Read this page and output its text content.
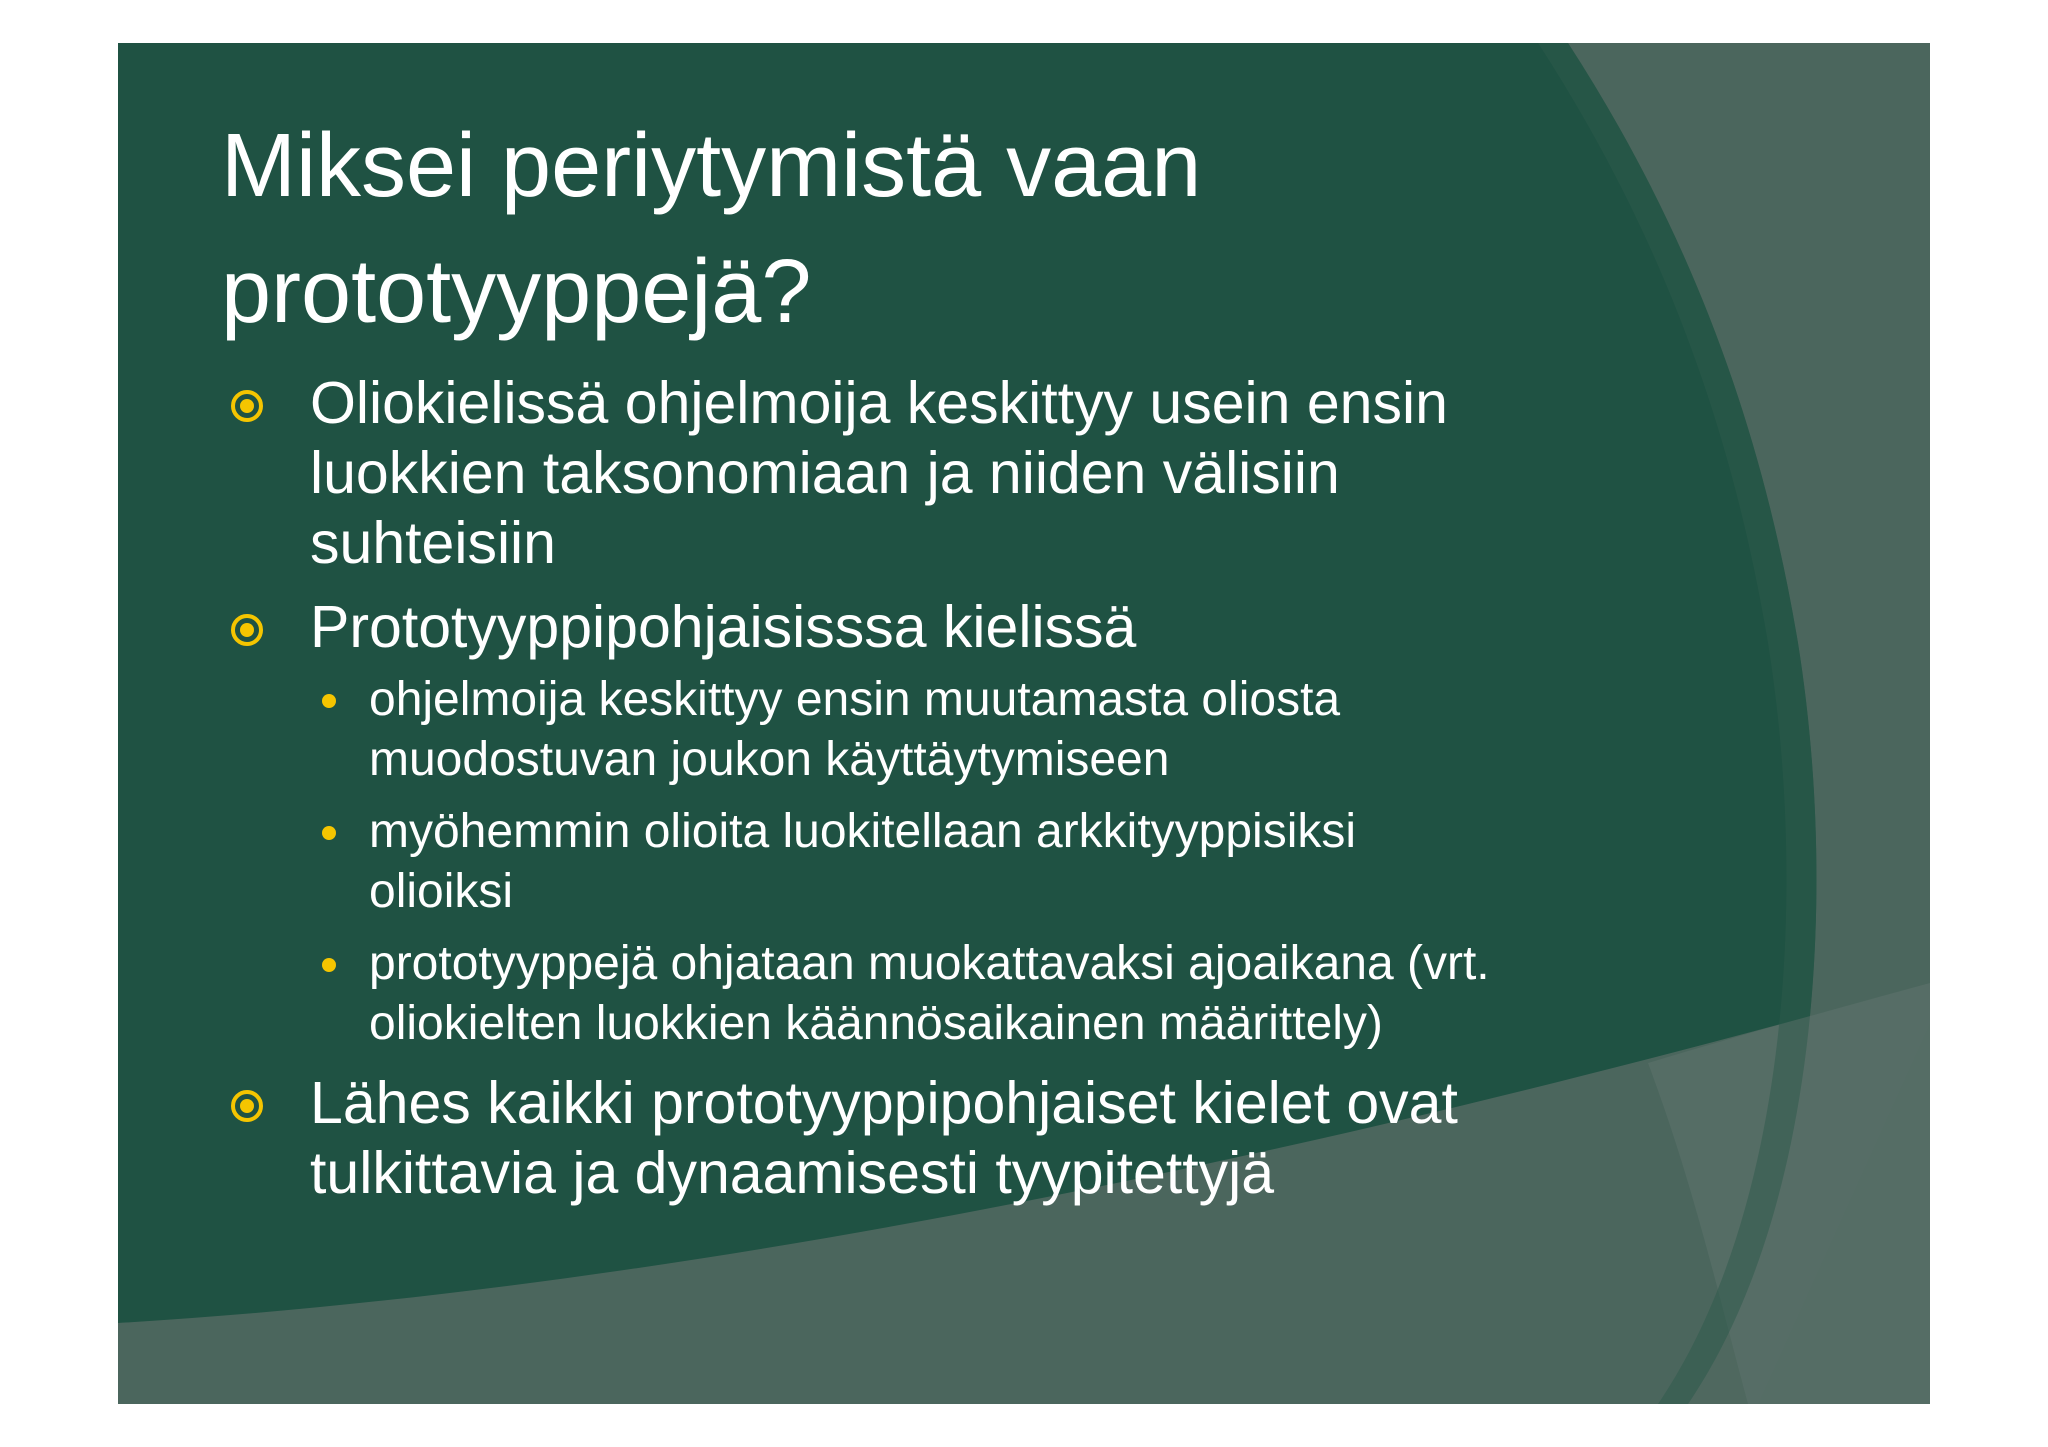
Miksei periytymistä vaan
prototyyppejä?
Oliokielissä ohjelmoija keskittyy usein ensin
luokkien taksonomiaan ja niiden välisiin
suhteisiin
Prototyyppipohjaisisssa kielissä
ohjelmoija keskittyy ensin muutamasta oliosta
muodostuvan joukon käyttäytymiseen
myöhemmin olioita luokitellaan arkkityyppisiksi
olioiksi
prototyyppejä ohjataan muokattavaksi ajoaikana (vrt.
oliokielten luokkien käännösaikainen määrittely)
Lähes kaikki prototyyppipohjaiset kielet ovat
tulkittavia ja dynaamisesti tyypitettyjä
